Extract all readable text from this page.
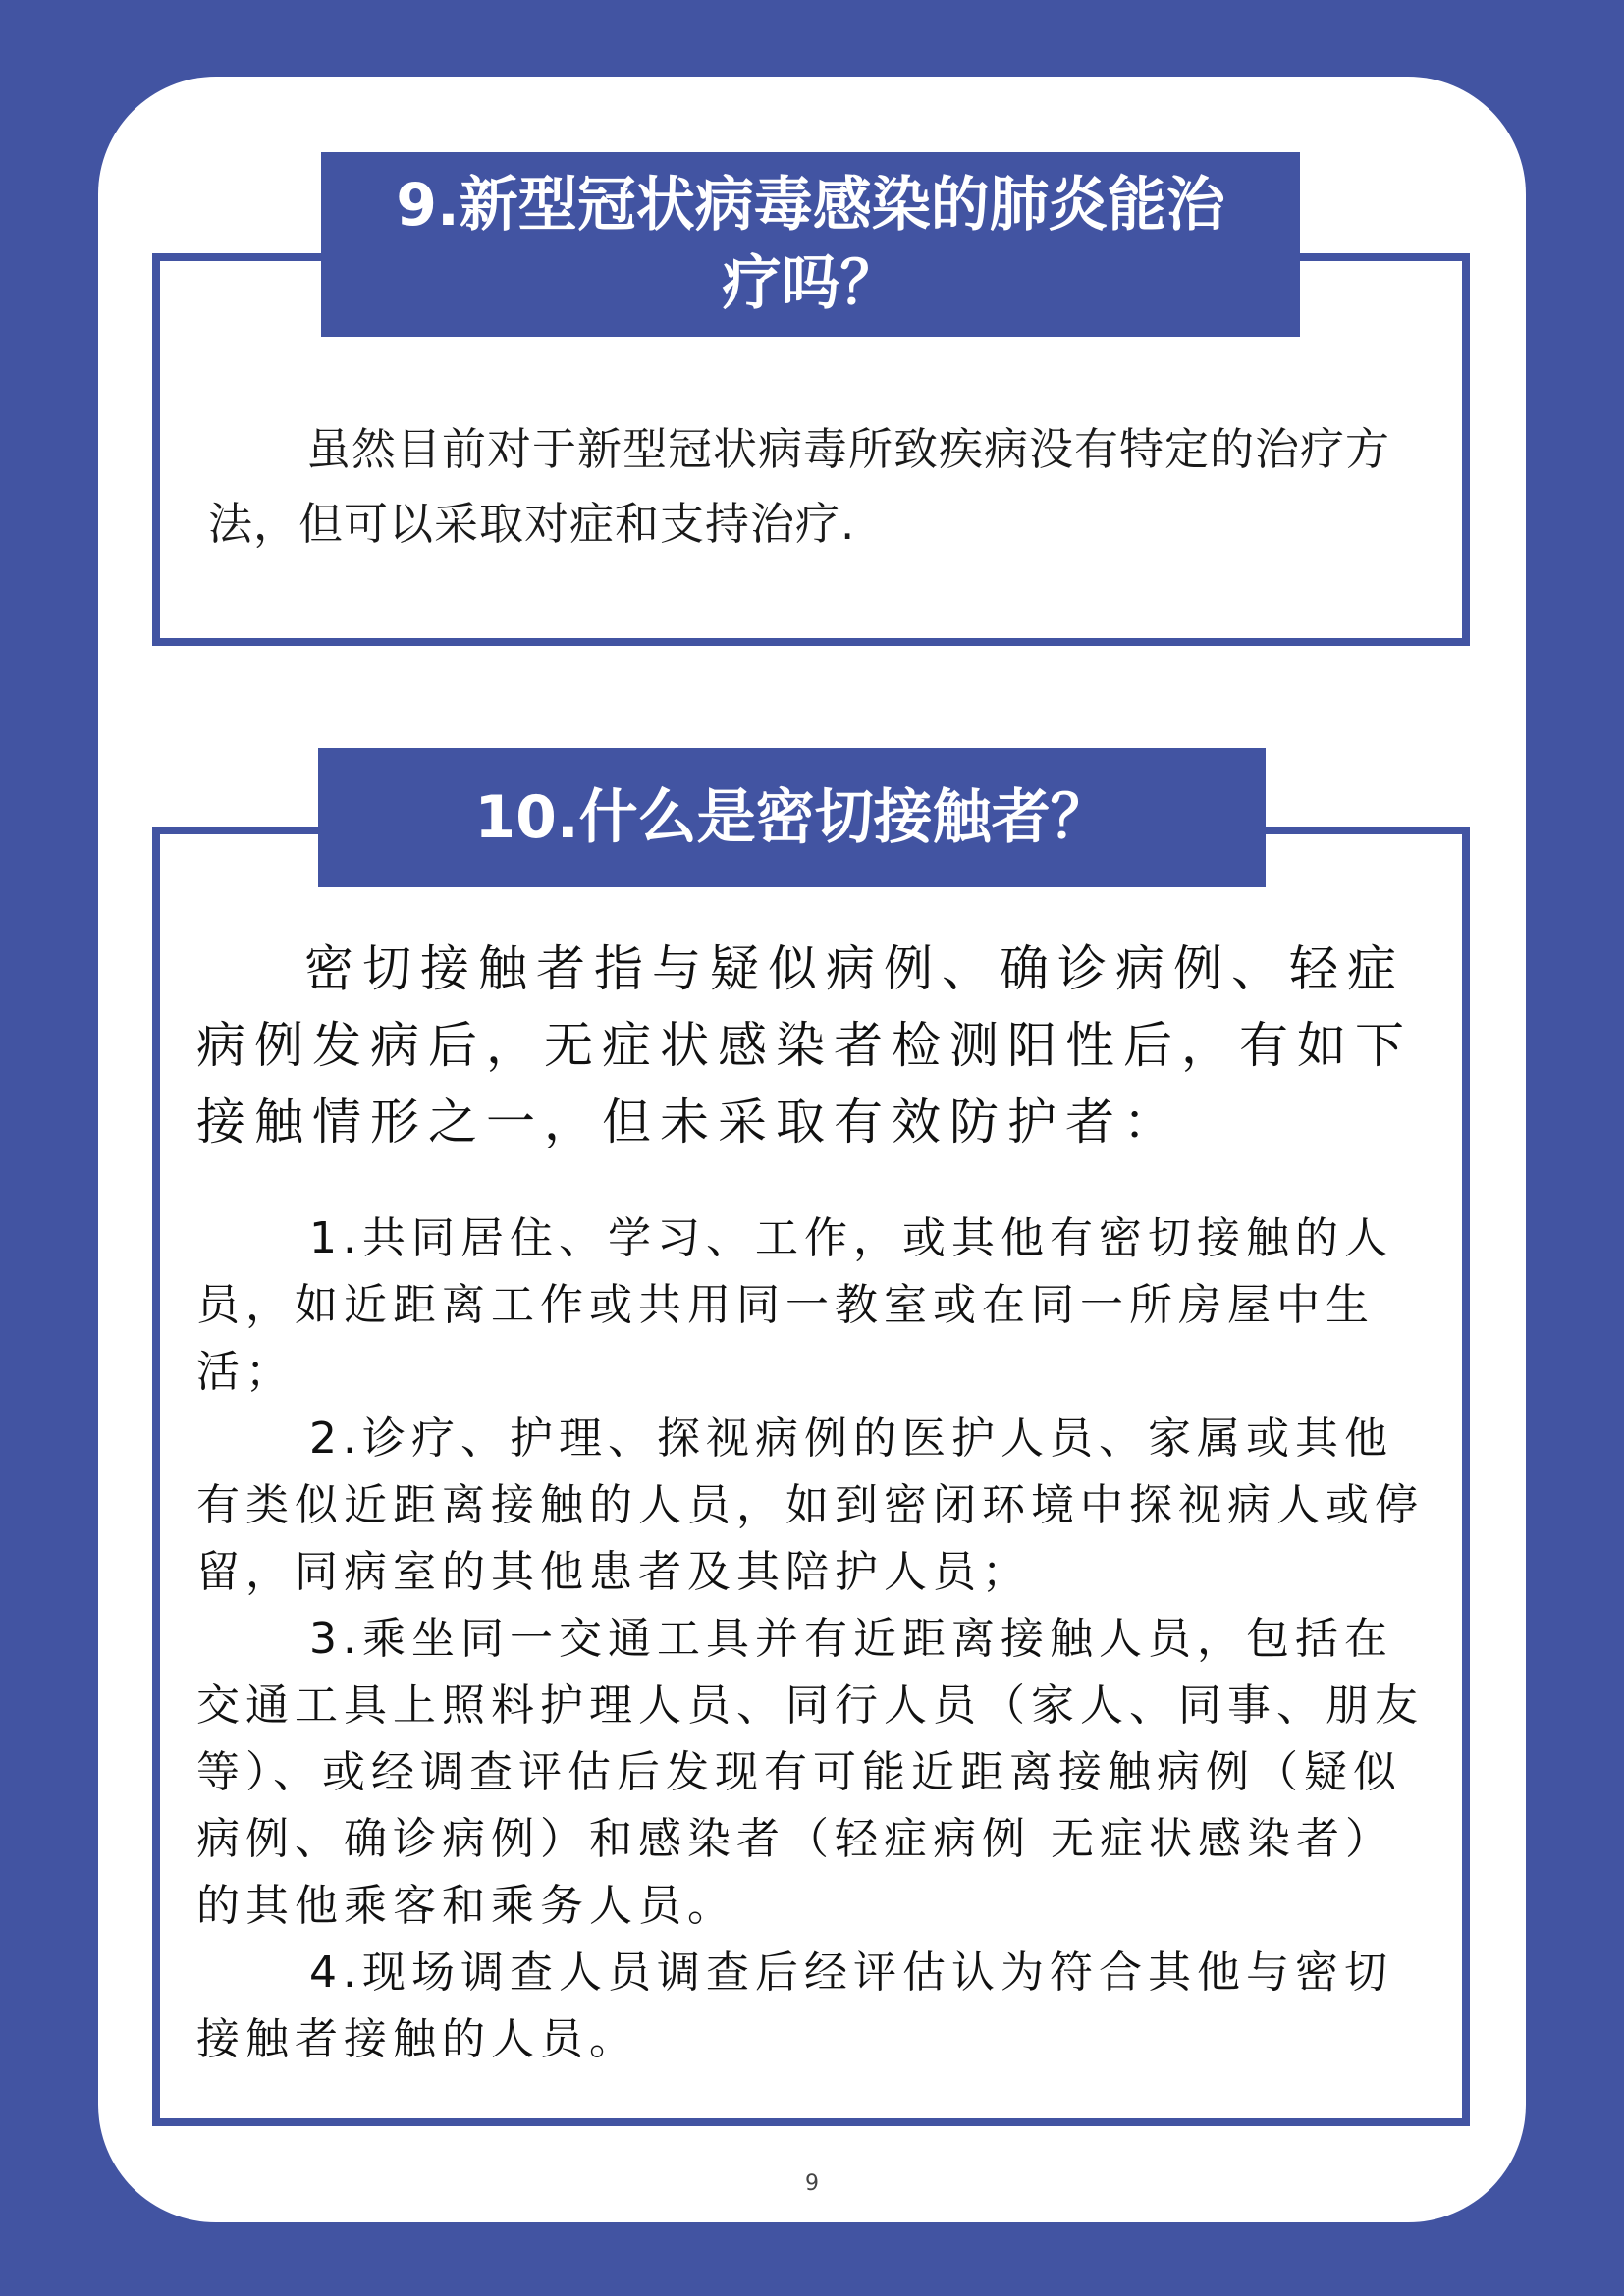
9.新型冠状病毒感染的肺炎能治
疗吗？

虽然目前对于新型冠状病毒所致疾病没有特定的治疗方法，但可以采取对症和支持治疗.

10.什么是密切接触者？

密切接触者指与疑似病例、确诊病例、轻症病例发病后，无症状感染者检测阳性后，有如下接触情形之一，但未采取有效防护者：

1.共同居住、学习、工作，或其他有密切接触的人员，如近距离工作或共用同一教室或在同一所房屋中生活；

2.诊疗、护理、探视病例的医护人员、家属或其他有类似近距离接触的人员，如到密闭环境中探视病人或停留，同病室的其他患者及其陪护人员；

3.乘坐同一交通工具并有近距离接触人员，包括在交通工具上照料护理人员、同行人员（家人、同事、朋友等）、或经调查评估后发现有可能近距离接触病例（疑似病例、确诊病例）和感染者（轻症病例 无症状感染者）的其他乘客和乘务人员。

4.现场调查人员调查后经评估认为符合其他与密切接触者接触的人员。

9
